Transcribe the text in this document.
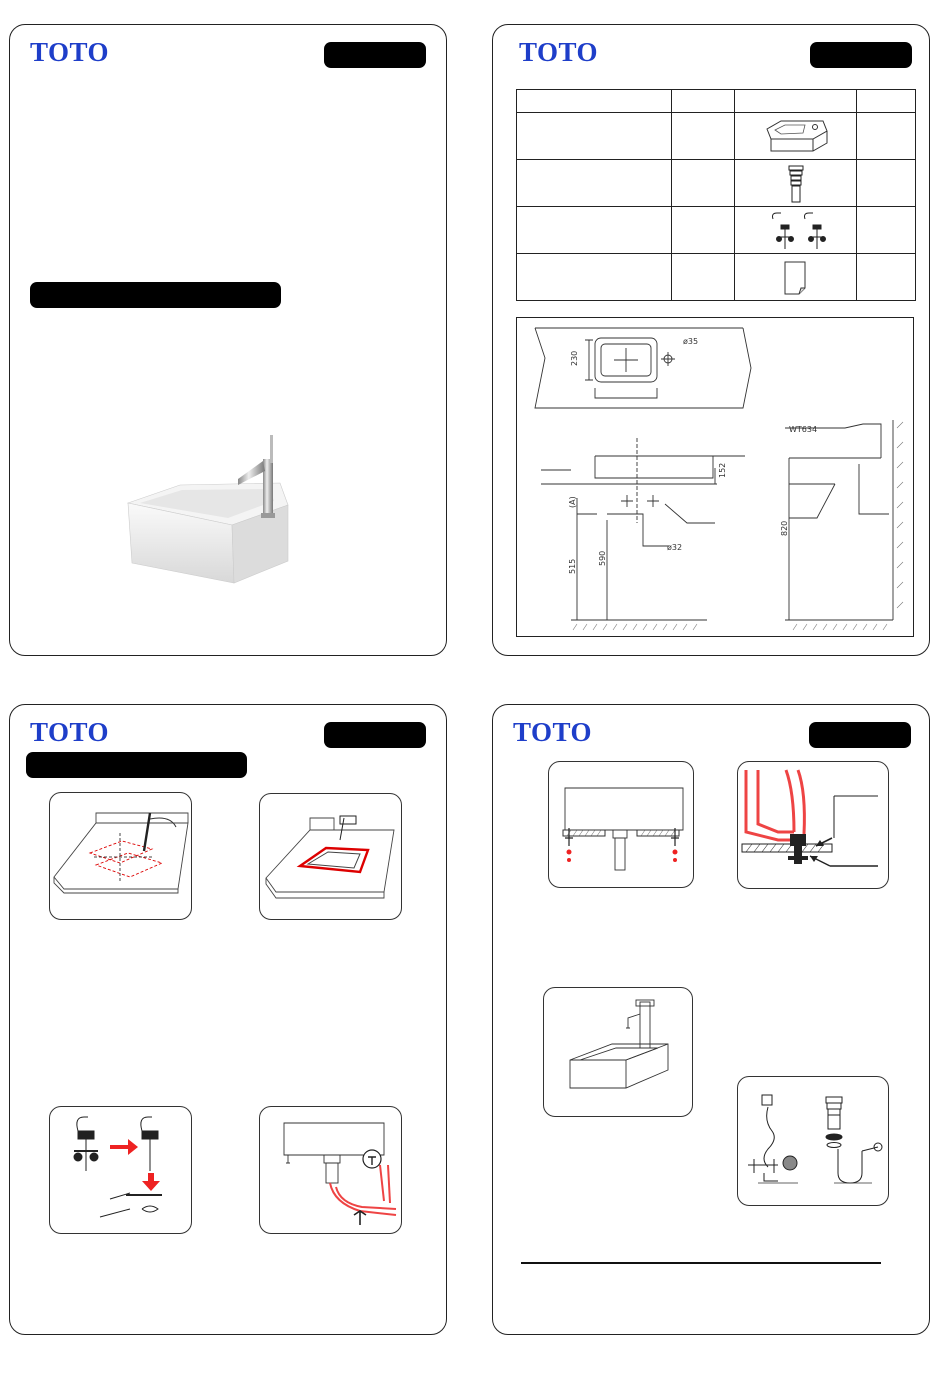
TOTO	TOTO

230
ø35
WT634
152
(A)
515
590
ø32
820
TOTO	TOTO
